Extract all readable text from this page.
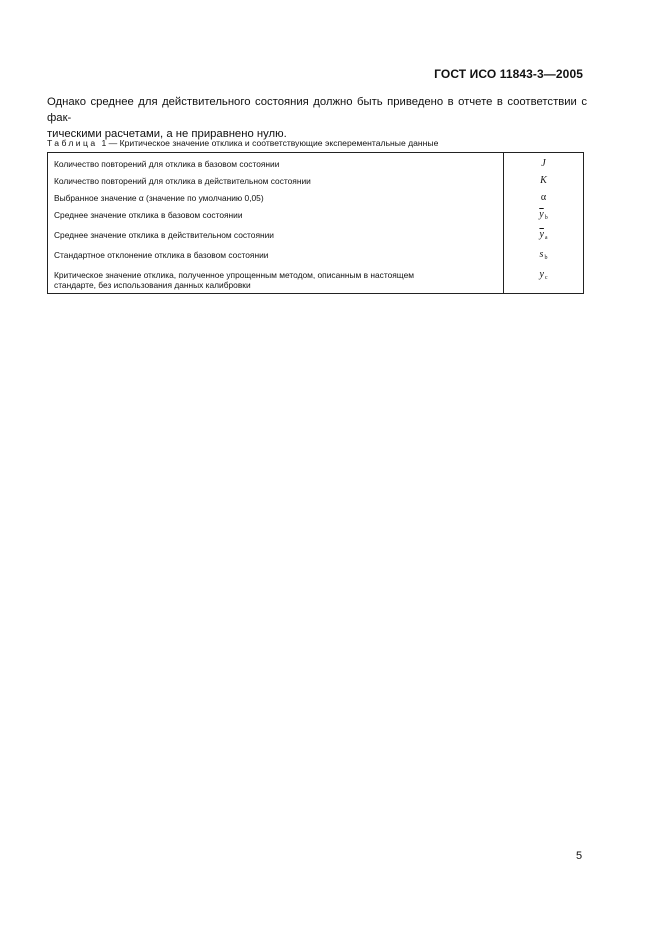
ГОСТ ИСО 11843-3—2005
Однако среднее для действительного состояния должно быть приведено в отчете в соответствии с фак-
тическими расчетами, а не приравнено нулю.
Таблица 1 — Критическое значение отклика и соответствующие эксперементальные данные
Количество повторений для отклика в базовом состоянии	J
Количество повторений для отклика в действительном состоянии	K
Выбранное значение α (значение по умолчанию 0,05)	α
Среднее значение отклика в базовом состоянии	$\overline{y}_b$
Среднее значение отклика в действительном состоянии	$\overline{y}_a$
Стандартное отклонение отклика в базовом состоянии	$s_b$

Критическое значение отклика, полученное упрощенным методом, описанным в настоящем
стандарте, без использования данных калибровки	$y_c$
5
